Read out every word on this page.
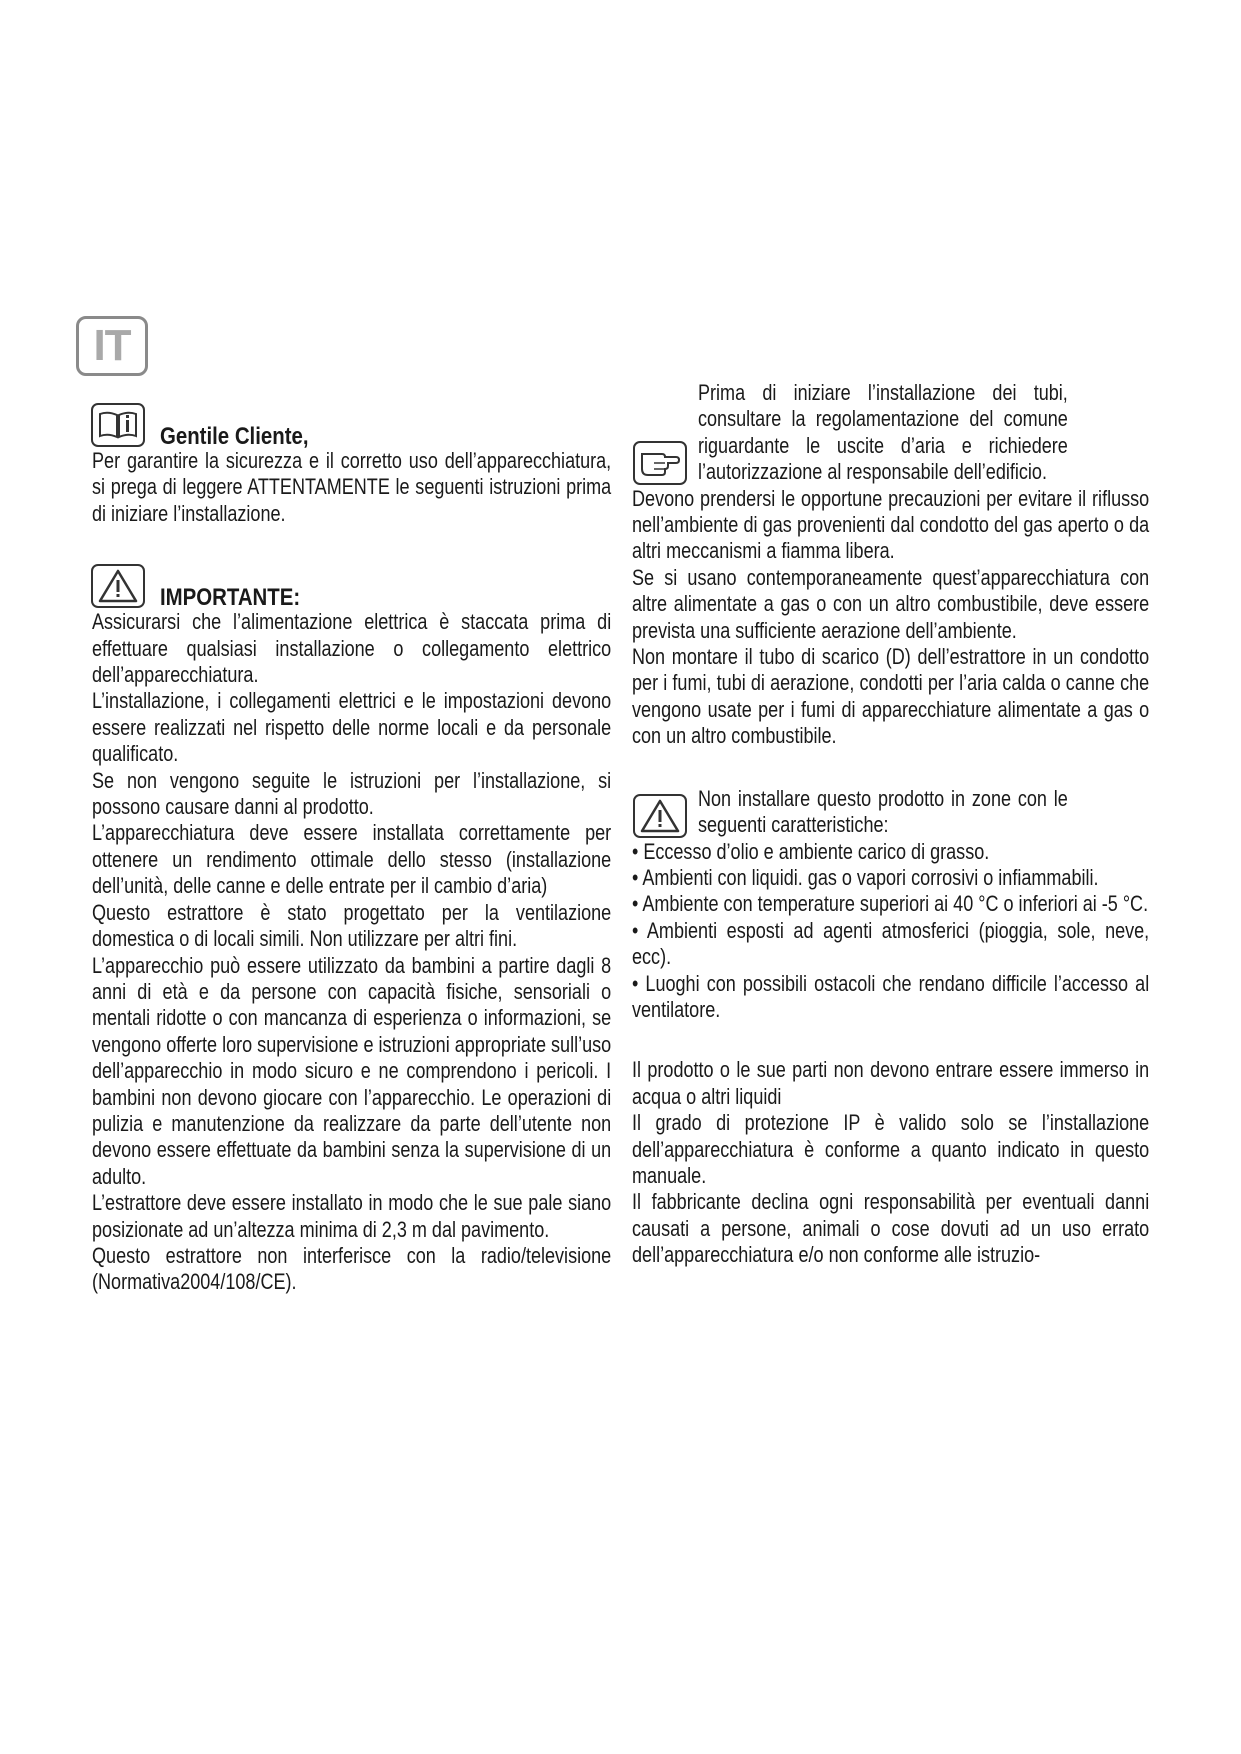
IT
Gentile Cliente,

Per garantire la sicurezza e il corretto uso dell’apparecchiatura, si prega di leggere ATTENTAMENTE le seguenti istruzioni prima di iniziare l’installazione.

IMPORTANTE:

Assicurarsi che l’alimentazione elettrica è staccata prima di effettuare qualsiasi installazione o collegamento elettrico dell’apparecchiatura.

L’installazione, i collegamenti elettrici e le impostazioni devono essere realizzati nel rispetto delle norme locali e da personale qualificato.

Se non vengono seguite le istruzioni per l’installazione, si possono causare danni al prodotto.

L’apparecchiatura deve essere installata correttamente per ottenere un rendimento ottimale dello stesso (installazione dell’unità, delle canne e delle entrate per il cambio d’aria)

Questo estrattore è stato progettato per la ventilazione domestica o di locali simili. Non utilizzare per altri fini.

L’apparecchio può essere utilizzato da bambini a partire dagli 8 anni di età e da persone con capacità fisiche, sensoriali o mentali ridotte o con mancanza di esperienza o informazioni, se vengono offerte loro supervisione e istruzioni appropriate sull’uso dell’apparecchio in modo sicuro e ne comprendono i pericoli. I bambini non devono giocare con l’apparecchio. Le operazioni di pulizia e manutenzione da realizzare da parte dell’utente non devono essere effettuate da bambini senza la supervisione di un adulto.

L’estrattore deve essere installato in modo che le sue pale siano posizionate ad un’altezza minima di 2,3 m dal pavimento.

Questo estrattore non interferisce con la radio/televisione (Normativa2004/108/CE).

Prima di iniziare l’installazione dei tubi, consultare la regolamentazione del comune riguardante le uscite d’aria e richiedere l’autorizzazione al responsabile dell’edificio.

Devono prendersi le opportune precauzioni per evitare il riflusso nell’ambiente di gas provenienti dal condotto del gas aperto o da altri meccanismi a fiamma libera.

Se si usano contemporaneamente quest’apparecchiatura con altre alimentate a gas o con un altro combustibile, deve essere prevista una sufficiente aerazione dell’ambiente.

Non montare il tubo di scarico (D) dell’estrattore in un condotto per i fumi, tubi di aerazione, condotti per l’aria calda o canne che vengono usate per i fumi di apparecchiature alimentate a gas o con un altro combustibile.

Non installare questo prodotto in zone con le seguenti caratteristiche:

• Eccesso d’olio e ambiente carico di grasso.

• Ambienti con liquidi. gas o vapori corrosivi o infiammabili.

• Ambiente con temperature superiori ai 40 °C o inferiori ai -5 °C.

• Ambienti esposti ad agenti atmosferici (pioggia, sole, neve, ecc).

• Luoghi con possibili ostacoli che rendano difficile l’accesso al ventilatore.

Il prodotto o le sue parti non devono entrare essere immerso in acqua o altri liquidi

Il grado di protezione IP è valido solo se l’installazione dell’apparecchiatura è conforme a quanto indicato in questo manuale.

Il fabbricante declina ogni responsabilità per eventuali danni causati a persone, animali o cose dovuti ad un uso errato dell’apparecchiatura e/o non conforme alle istruzio-
